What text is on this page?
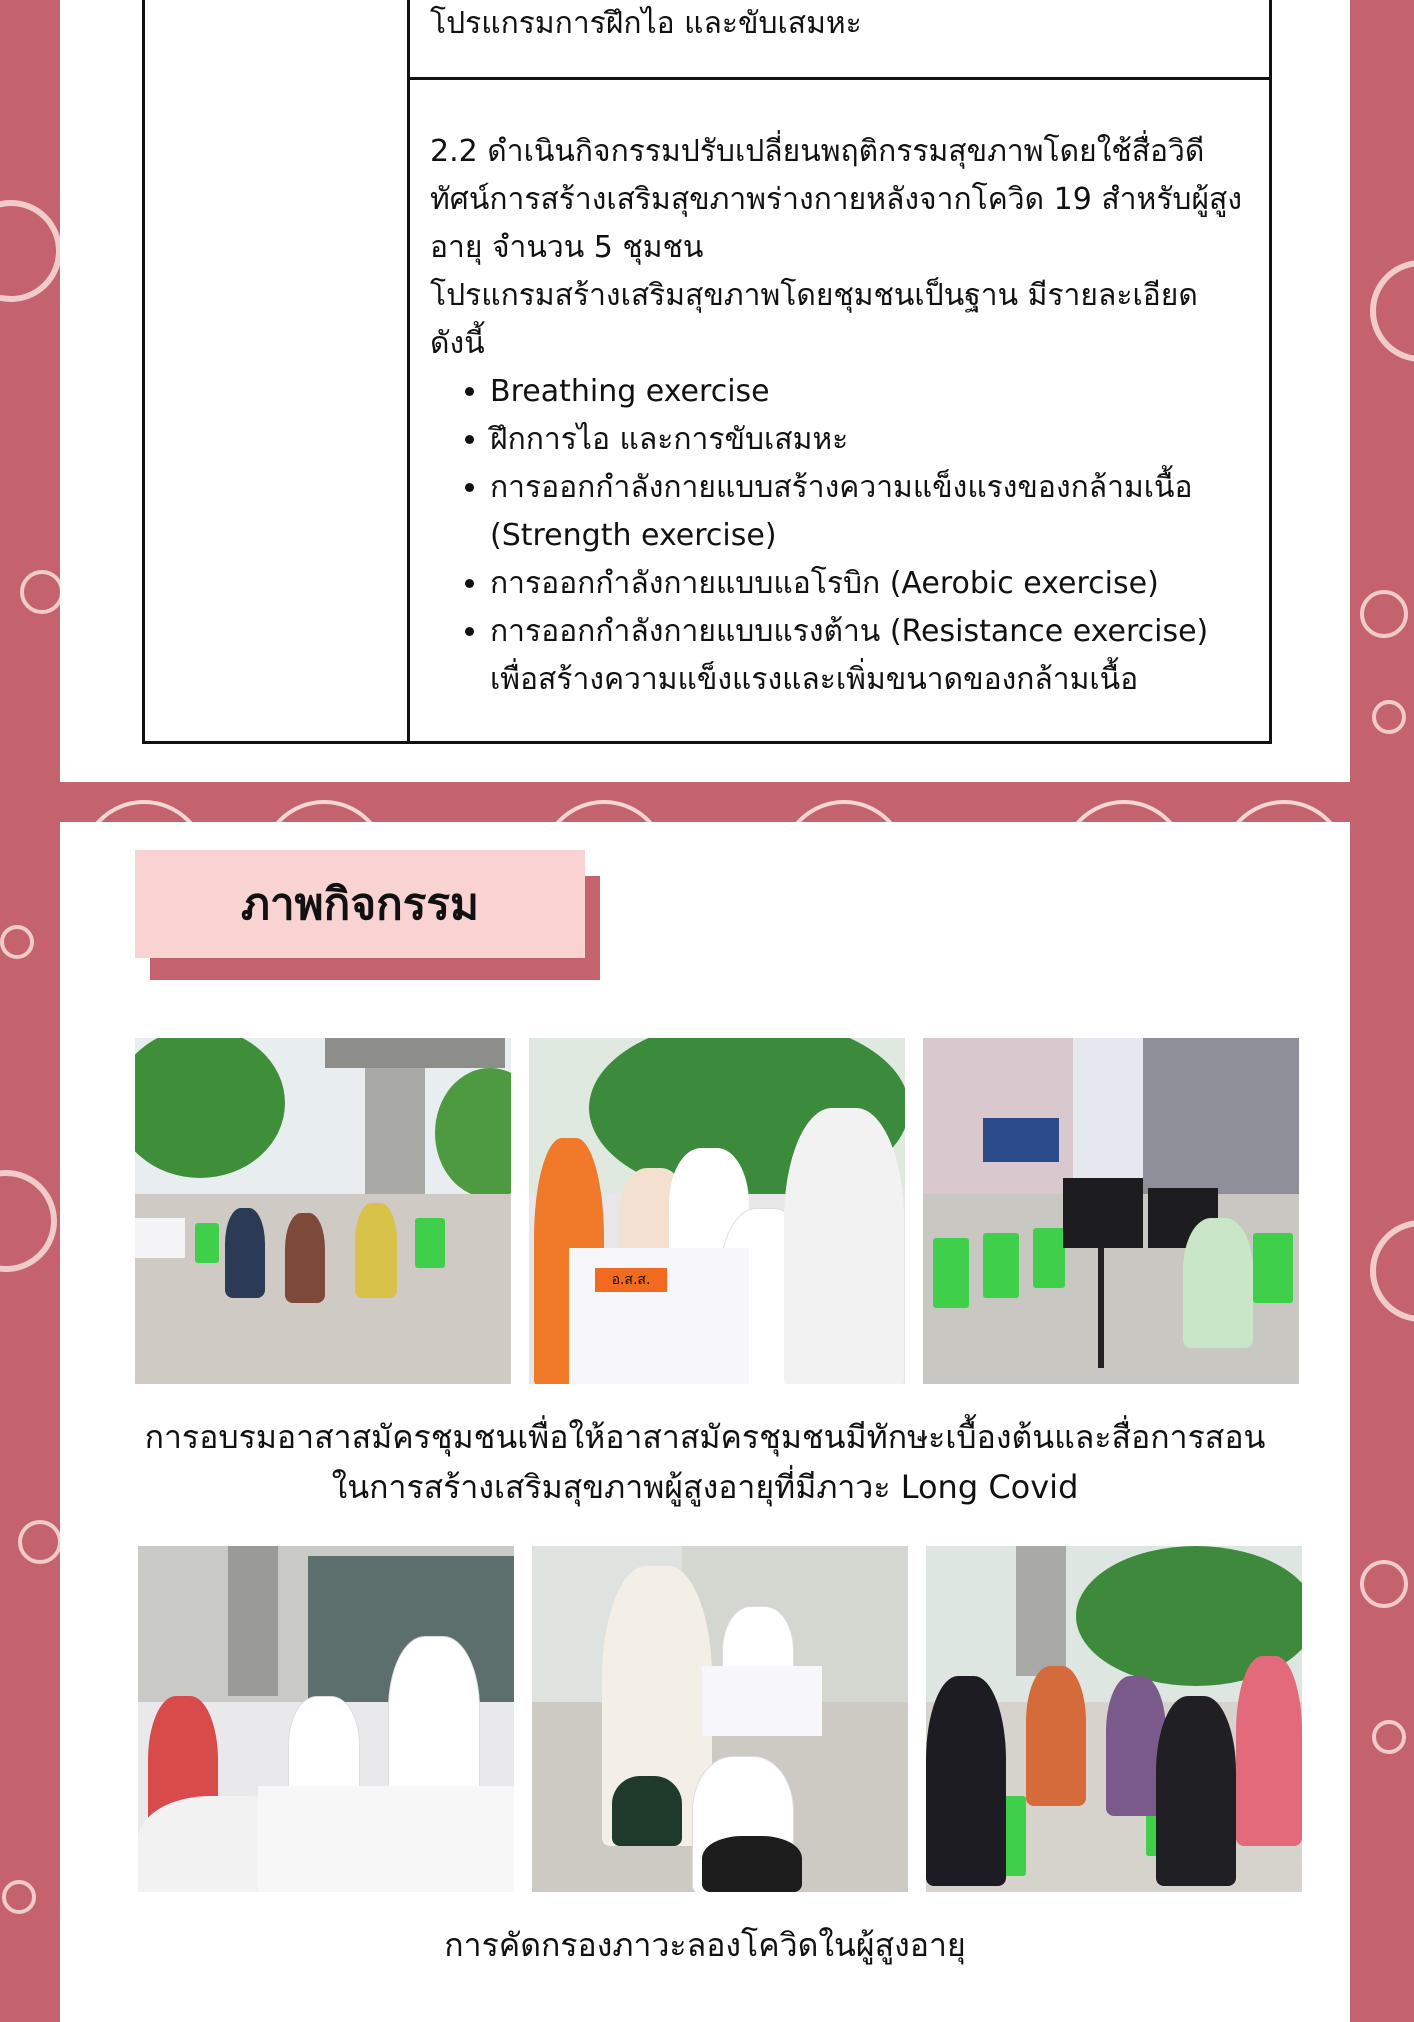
โปรแกรมการฝึกไอ และขับเสมหะ

2.2 ดำเนินกิจกรรมปรับเปลี่ยนพฤติกรรมสุขภาพโดยใช้สื่อวิดีทัศน์การสร้างเสริมสุขภาพร่างกายหลังจากโควิด 19 สำหรับผู้สูงอายุ จำนวน 5 ชุมชน

โปรแกรมสร้างเสริมสุขภาพโดยชุมชนเป็นฐาน มีรายละเอียดดังนี้

• Breathing exercise
• ฝึกการไอ และการขับเสมหะ
• การออกกำลังกายแบบสร้างความแข็งแรงของกล้ามเนื้อ (Strength exercise)
• การออกกำลังกายแบบแอโรบิก (Aerobic exercise)
• การออกกำลังกายแบบแรงต้าน (Resistance exercise) เพื่อสร้างความแข็งแรงและเพิ่มขนาดของกล้ามเนื้อ
ภาพกิจกรรม
อ.ส.ส.
การอบรมอาสาสมัครชุมชนเพื่อให้อาสาสมัครชุมชนมีทักษะเบื้องต้นและสื่อการสอน
ในการสร้างเสริมสุขภาพผู้สูงอายุที่มีภาวะ Long Covid
การคัดกรองภาวะลองโควิดในผู้สูงอายุ
